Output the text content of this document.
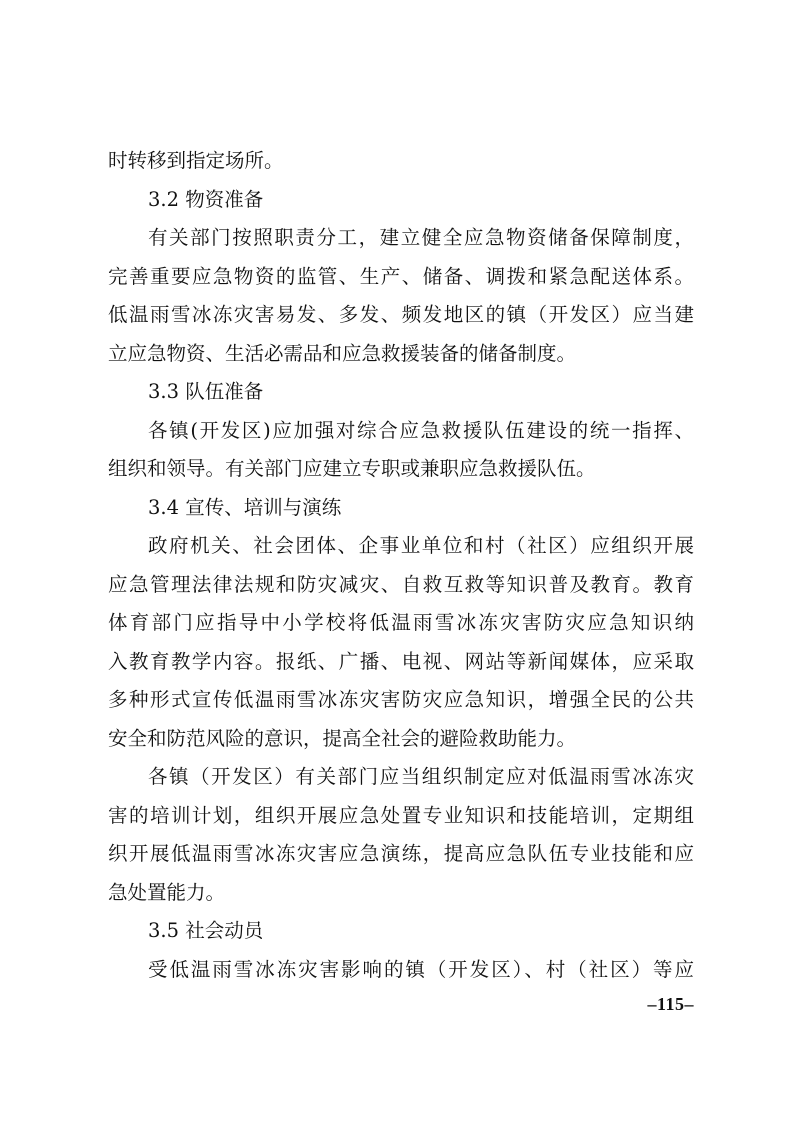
时转移到指定场所。
3.2 物资准备
有关部门按照职责分工，建立健全应急物资储备保障制度，
完善重要应急物资的监管、生产、储备、调拨和紧急配送体系。
低温雨雪冰冻灾害易发、多发、频发地区的镇（开发区）应当建
立应急物资、生活必需品和应急救援装备的储备制度。
3.3 队伍准备
各镇(开发区)应加强对综合应急救援队伍建设的统一指挥、
组织和领导。有关部门应建立专职或兼职应急救援队伍。
3.4 宣传、培训与演练
政府机关、社会团体、企事业单位和村（社区）应组织开展
应急管理法律法规和防灾减灾、自救互救等知识普及教育。教育
体育部门应指导中小学校将低温雨雪冰冻灾害防灾应急知识纳
入教育教学内容。报纸、广播、电视、网站等新闻媒体，应采取
多种形式宣传低温雨雪冰冻灾害防灾应急知识，增强全民的公共
安全和防范风险的意识，提高全社会的避险救助能力。
各镇（开发区）有关部门应当组织制定应对低温雨雪冰冻灾
害的培训计划，组织开展应急处置专业知识和技能培训，定期组
织开展低温雨雪冰冻灾害应急演练，提高应急队伍专业技能和应
急处置能力。
3.5 社会动员
受低温雨雪冰冻灾害影响的镇（开发区）、村（社区）等应
–115–
